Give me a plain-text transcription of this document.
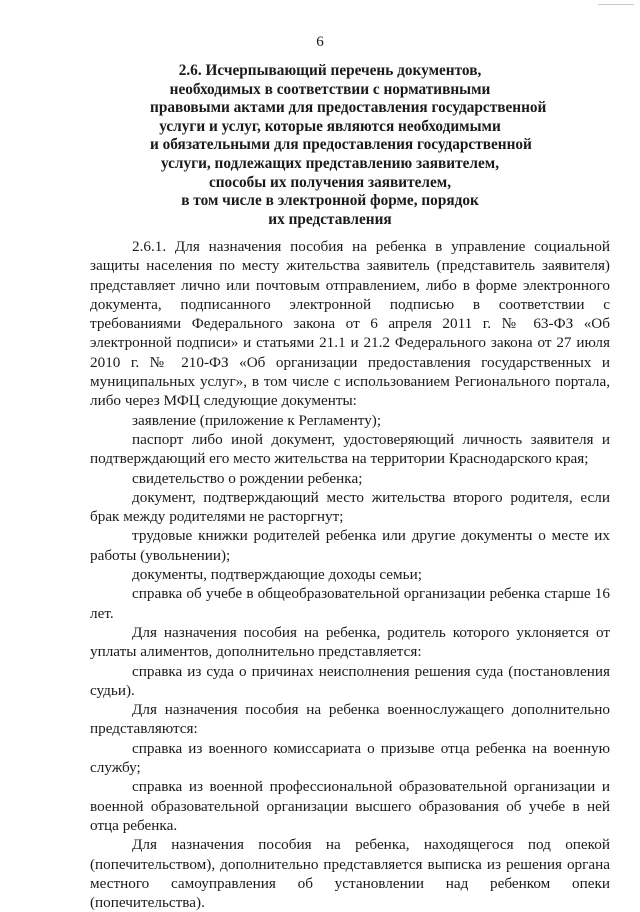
6
2.6. Исчерпывающий перечень документов,
необходимых в соответствии с нормативными
правовыми актами для предоставления государственной
услуги и услуг, которые являются необходимыми
и обязательными для предоставления государственной
услуги, подлежащих представлению заявителем,
способы их получения заявителем,
в том числе в электронной форме, порядок
их представления

2.6.1. Для назначения пособия на ребенка в управление социальной защиты населения по месту жительства заявитель (представитель заявителя) представляет лично или почтовым отправлением, либо в форме электронного документа, подписанного электронной подписью в соответствии с требованиями Федерального закона от 6 апреля 2011 г. № 63-ФЗ «Об электронной подписи» и статьями 21.1 и 21.2 Федерального закона от 27 июля 2010 г. № 210-ФЗ «Об организации предоставления государственных и муниципальных услуг», в том числе с использованием Регионального портала, либо через МФЦ следующие документы:

заявление (приложение к Регламенту);

паспорт либо иной документ, удостоверяющий личность заявителя и подтверждающий его место жительства на территории Краснодарского края;

свидетельство о рождении ребенка;

документ, подтверждающий место жительства второго родителя, если брак между родителями не расторгнут;

трудовые книжки родителей ребенка или другие документы о месте их работы (увольнении);

документы, подтверждающие доходы семьи;

справка об учебе в общеобразовательной организации ребенка старше 16 лет.

Для назначения пособия на ребенка, родитель которого уклоняется от уплаты алиментов, дополнительно представляется:

справка из суда о причинах неисполнения решения суда (постановления судьи).

Для назначения пособия на ребенка военнослужащего дополнительно представляются:

справка из военного комиссариата о призыве отца ребенка на военную службу;

справка из военной профессиональной образовательной организации и военной образовательной организации высшего образования об учебе в ней отца ребенка.

Для назначения пособия на ребенка, находящегося под опекой (попечительством), дополнительно представляется выписка из решения органа местного самоуправления об установлении над ребенком опеки (попечительства).
